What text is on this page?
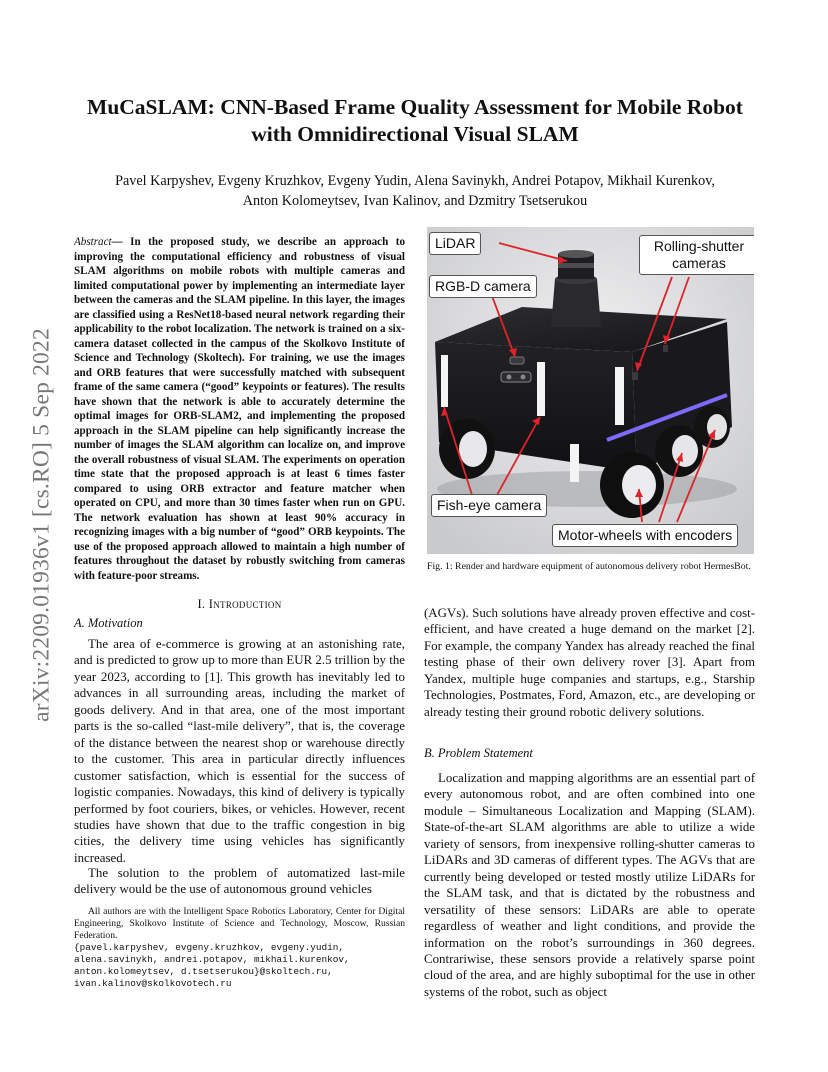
arXiv:2209.01936v1 [cs.RO] 5 Sep 2022
MuCaSLAM: CNN-Based Frame Quality Assessment for Mobile Robot
with Omnidirectional Visual SLAM
Pavel Karpyshev, Evgeny Kruzhkov, Evgeny Yudin, Alena Savinykh, Andrei Potapov, Mikhail Kurenkov,
Anton Kolomeytsev, Ivan Kalinov, and Dzmitry Tsetserukou
Abstract— In the proposed study, we describe an approach to improving the computational efficiency and robustness of visual SLAM algorithms on mobile robots with multiple cameras and limited computational power by implementing an intermediate layer between the cameras and the SLAM pipeline. In this layer, the images are classified using a ResNet18-based neural network regarding their applicability to the robot localization. The network is trained on a six-camera dataset collected in the campus of the Skolkovo Institute of Science and Technology (Skoltech). For training, we use the images and ORB features that were successfully matched with subsequent frame of the same camera (“good” keypoints or features). The results have shown that the network is able to accurately determine the optimal images for ORB-SLAM2, and implementing the proposed approach in the SLAM pipeline can help significantly increase the number of images the SLAM algorithm can localize on, and improve the overall robustness of visual SLAM. The experiments on operation time state that the proposed approach is at least 6 times faster compared to using ORB extractor and feature matcher when operated on CPU, and more than 30 times faster when run on GPU. The network evaluation has shown at least 90% accuracy in recognizing images with a big number of “good” ORB keypoints. The use of the proposed approach allowed to maintain a high number of features throughout the dataset by robustly switching from cameras with feature-poor streams.
I. Introduction
A. Motivation
The area of e-commerce is growing at an astonishing rate, and is predicted to grow up to more than EUR 2.5 trillion by the year 2023, according to [1]. This growth has inevitably led to advances in all surrounding areas, including the market of goods delivery. And in that area, one of the most important parts is the so-called “last-mile delivery”, that is, the coverage of the distance between the nearest shop or warehouse directly to the customer. This area in particular directly influences customer satisfaction, which is essential for the success of logistic companies. Nowadays, this kind of delivery is typically performed by foot couriers, bikes, or vehicles. However, recent studies have shown that due to the traffic congestion in big cities, the delivery time using vehicles has significantly increased.
The solution to the problem of automatized last-mile delivery would be the use of autonomous ground vehicles
All authors are with the Intelligent Space Robotics Laboratory, Center for Digital Engineering, Skolkovo Institute of Science and Technology, Moscow, Russian Federation.
{pavel.karpyshev, evgeny.kruzhkov, evgeny.yudin, alena.savinykh, andrei.potapov, mikhail.kurenkov, anton.kolomeytsev, d.tsetserukou}@skoltech.ru, ivan.kalinov@skolkovotech.ru
LiDAR
RGB-D camera
Rolling-shutter
cameras
Fish-eye camera
Motor-wheels with encoders
Fig. 1: Render and hardware equipment of autonomous delivery robot HermesBot.
(AGVs). Such solutions have already proven effective and cost-efficient, and have created a huge demand on the market [2]. For example, the company Yandex has already reached the final testing phase of their own delivery rover [3]. Apart from Yandex, multiple huge companies and startups, e.g., Starship Technologies, Postmates, Ford, Amazon, etc., are developing or already testing their ground robotic delivery solutions.
B. Problem Statement
Localization and mapping algorithms are an essential part of every autonomous robot, and are often combined into one module – Simultaneous Localization and Mapping (SLAM). State-of-the-art SLAM algorithms are able to utilize a wide variety of sensors, from inexpensive rolling-shutter cameras to LiDARs and 3D cameras of different types. The AGVs that are currently being developed or tested mostly utilize LiDARs for the SLAM task, and that is dictated by the robustness and versatility of these sensors: LiDARs are able to operate regardless of weather and light conditions, and provide the information on the robot’s surroundings in 360 degrees. Contrariwise, these sensors provide a relatively sparse point cloud of the area, and are highly suboptimal for the use in other systems of the robot, such as object
